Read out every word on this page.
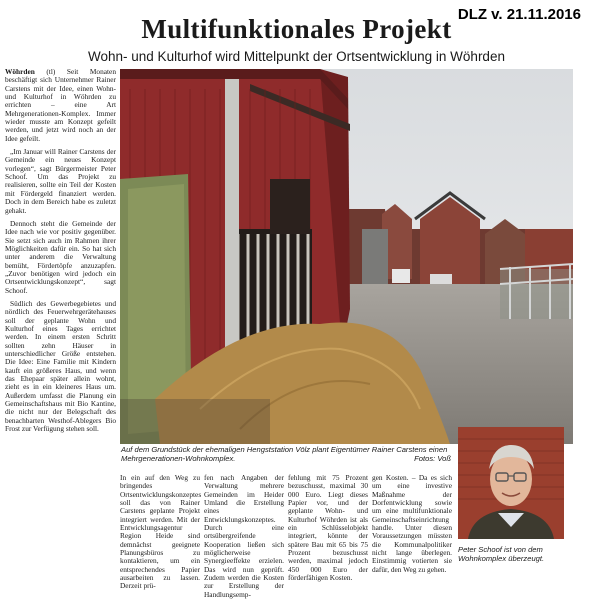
DLZ v. 21.11.2016
Multifunktionales Projekt
Wohn- und Kulturhof wird Mittelpunkt der Ortsentwicklung in Wöhrden

Wöhrden (tl) Seit Monaten beschäftigt sich Unternehmer Rainer Carstens mit der Idee, einen Wohn- und Kulturhof in Wöhrden zu errichten – eine Art Mehrgenerationen-Komplex. Immer wieder musste am Konzept gefeilt werden, und jetzt wird noch an der Idee gefeilt.

„Im Januar will Rainer Carstens der Gemeinde ein neues Konzept vorlegen“, sagt Bürgermeister Peter Schoof. Um das Projekt zu realisieren, sollte ein Teil der Kosten mit Fördergeld finanziert werden. Doch in dem Bereich habe es zuletzt gehakt.

Dennoch steht die Gemeinde der Idee nach wie vor positiv gegenüber. Sie setzt sich auch im Rahmen ihrer Möglichkeiten dafür ein. So hat sich unter anderem die Verwaltung bemüht, Fördertöpfe anzuzapfen. „Zuvor benötigen wird jedoch ein Ortsentwicklungskonzept“, sagt Schoof.

Südlich des Gewerbegebietes und nördlich des Feuerwehrgerätehauses soll der geplante Wohn und Kulturhof eines Tages errichtet werden. In einem ersten Schritt sollten zehn Häuser in unterschiedlicher Größe entstehen. Die Idee: Eine Familie mit Kindern kauft ein größeres Haus, und wenn das Ehepaar später allein wohnt, zieht es in ein kleineres Haus um. Außerdem umfasst die Planung ein Gemeinschaftshaus mit Bio Kantine, die nicht nur der Belegschaft des benachbarten Westhof-Ablegers Bio Frost zur Verfügung stehen soll.

Auf dem Grundstück der ehemaligen Hengststation Völz plant Eigentümer Rainer Carstens einen Mehrgenerationen-Wohnkomplex.	Fotos: Voß
In ein auf den Weg zu bringendes Ortsentwicklungskonzeptes soll das von Rainer Carstens geplante Projekt integriert werden. Mit der Entwicklungsagentur Region Heide sind demnächst geeignete Planungsbüros zu kontaktieren, um ein entsprechendes Papier ausarbeiten zu lassen. Derzeit prü-
fen nach Angaben der Verwaltung mehrere Gemeinden im Heider Umland die Erstellung eines Entwicklungskonzeptes. Durch eine ortsübergreifende Kooperation ließen sich möglicherweise Synergieeffekte erzielen. Das wird nun geprüft. Zudem werden die Kosten zur Erstellung der Handlungsemp-
fehlung mit 75 Prozent bezuschusst, maximal 30 000 Euro. Liegt dieses Papier vor, und der geplante Wohn- und Kulturhof Wöhrden ist als ein Schlüsselobjekt integriert, könnte der spätere Bau mit 65 bis 75 Prozent bezuschusst werden, maximal jedoch 450 000 Euro der förderfähigen Kosten.
gen Kosten. – Da es sich um eine investive Maßnahme der Dorfentwicklung sowie um eine multifunktionale Gemeinschaftseinrichtung handle. Unter diesen Voraussetzungen müssten die Kommunalpolitiker nicht lange überlegen. Einstimmig votierten sie dafür, den Weg zu gehen.
Peter Schoof ist von dem Wohnkomplex überzeugt.
